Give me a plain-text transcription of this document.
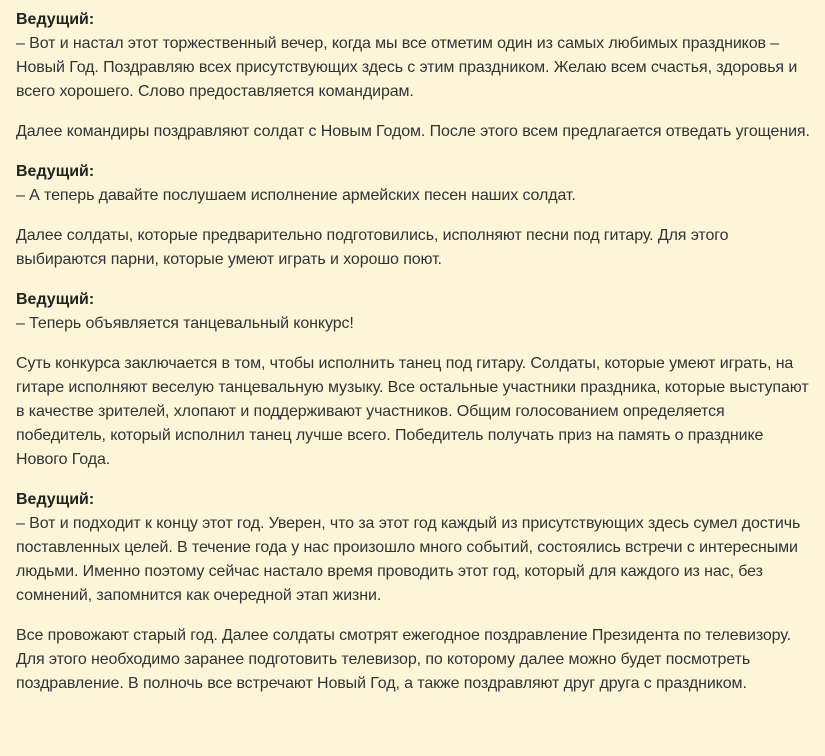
Ведущий:

– Вот и настал этот торжественный вечер, когда мы все отметим один из самых любимых праздников – Новый Год. Поздравляю всех присутствующих здесь с этим праздником. Желаю всем счастья, здоровья и всего хорошего. Слово предоставляется командирам.

Далее командиры поздравляют солдат с Новым Годом. После этого всем предлагается отведать угощения.

Ведущий:

– А теперь давайте послушаем исполнение армейских песен наших солдат.

Далее солдаты, которые предварительно подготовились, исполняют песни под гитару. Для этого выбираются парни, которые умеют играть и хорошо поют.

Ведущий:

– Теперь объявляется танцевальный конкурс!

Суть конкурса заключается в том, чтобы исполнить танец под гитару. Солдаты, которые умеют играть, на гитаре исполняют веселую танцевальную музыку. Все остальные участники праздника, которые выступают в качестве зрителей, хлопают и поддерживают участников. Общим голосованием определяется победитель, который исполнил танец лучше всего. Победитель получать приз на память о празднике Нового Года.

Ведущий:

– Вот и подходит к концу этот год. Уверен, что за этот год каждый из присутствующих здесь сумел достичь поставленных целей. В течение года у нас произошло много событий, состоялись встречи с интересными людьми. Именно поэтому сейчас настало время проводить этот год, который для каждого из нас, без сомнений, запомнится как очередной этап жизни.

Все провожают старый год. Далее солдаты смотрят ежегодное поздравление Президента по телевизору. Для этого необходимо заранее подготовить телевизор, по которому далее можно будет посмотреть поздравление. В полночь все встречают Новый Год, а также поздравляют друг друга с праздником.
